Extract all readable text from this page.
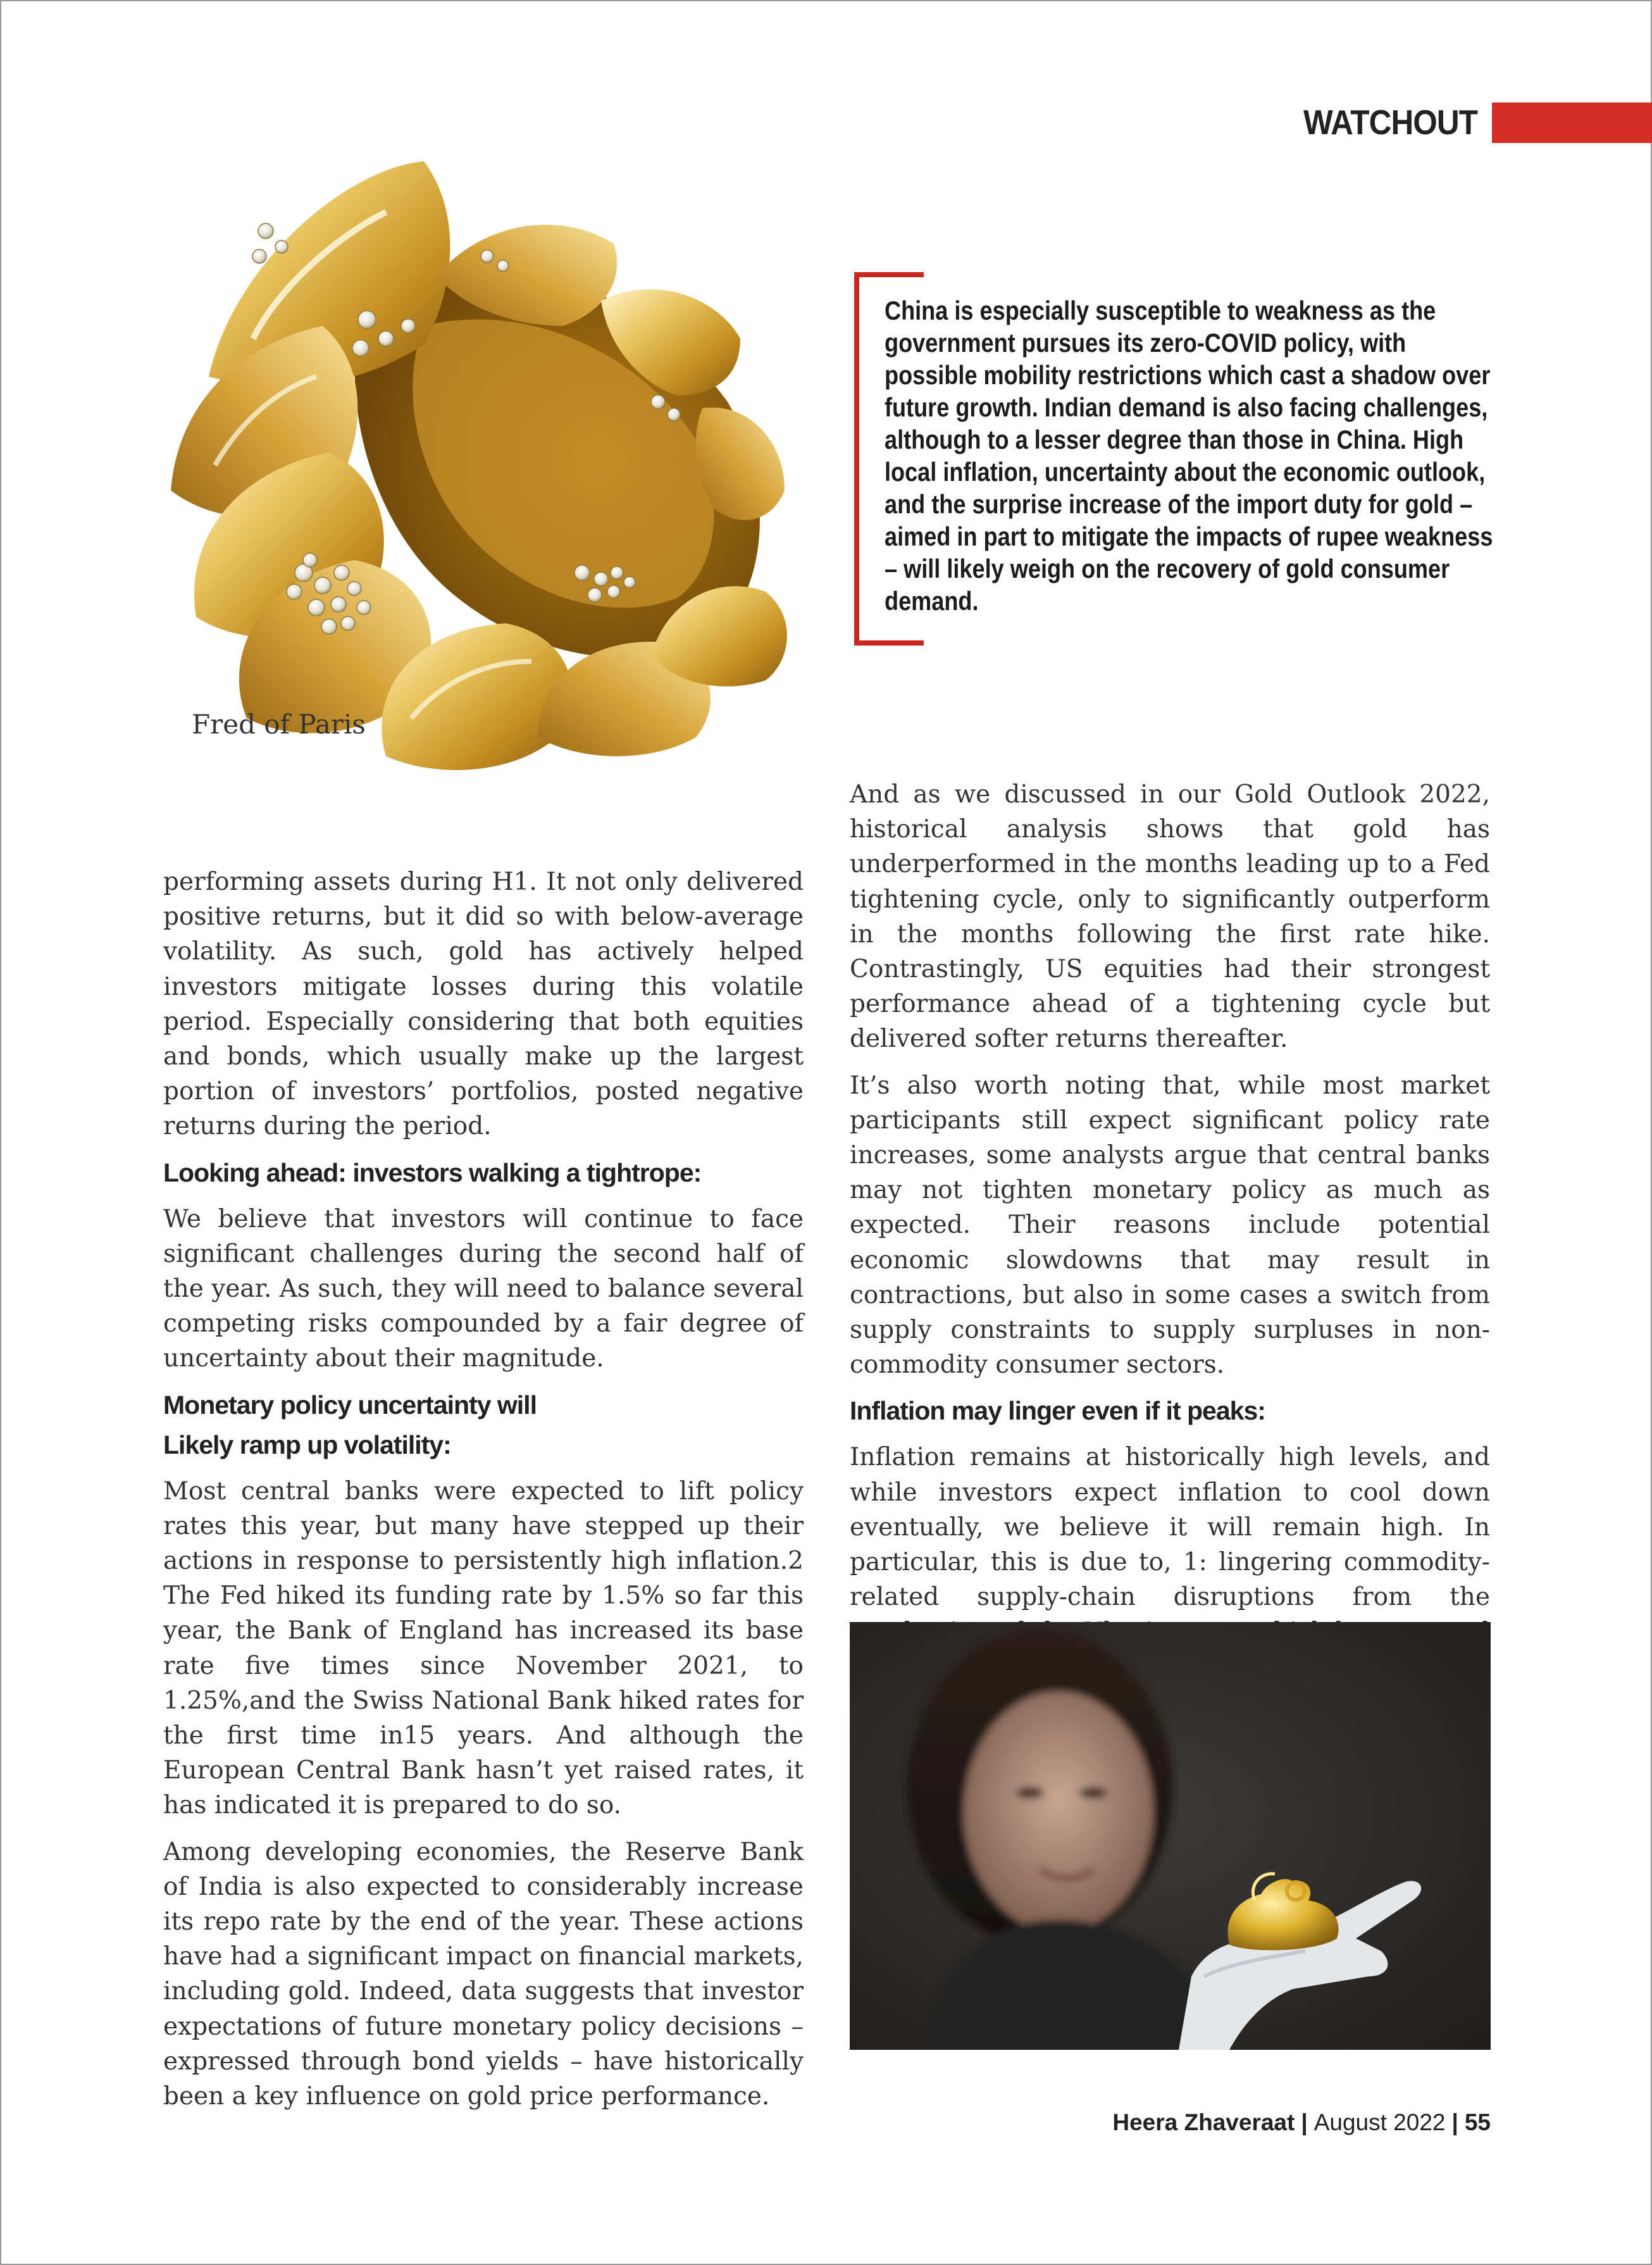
WATCHOUT
Fred of Paris
China is especially susceptible to weakness as the government pursues its zero-COVID policy, with possible mobility restrictions which cast a shadow over future growth. Indian demand is also facing challenges, although to a lesser degree than those in China. High local inflation, uncertainty about the economic outlook, and the surprise increase of the import duty for gold – aimed in part to mitigate the impacts of rupee weakness – will likely weigh on the recovery of gold consumer demand.

performing assets during H1. It not only delivered positive returns, but it did so with below-average volatility. As such, gold has actively helped investors mitigate losses during this volatile period. Especially considering that both equities and bonds, which usually make up the largest portion of investors’ portfolios, posted negative returns during the period.

Looking ahead: investors walking a tightrope:

We believe that investors will continue to face significant challenges during the second half of the year. As such, they will need to balance several competing risks compounded by a fair degree of uncertainty about their magnitude.

Monetary policy uncertainty will
Likely ramp up volatility:

Most central banks were expected to lift policy rates this year, but many have stepped up their actions in response to persistently high inflation.2 The Fed hiked its funding rate by 1.5% so far this year, the Bank of England has increased its base rate five times since November 2021, to 1.25%,and the Swiss National Bank hiked rates for the first time in15 years. And although the European Central Bank hasn’t yet raised rates, it has indicated it is prepared to do so.

Among developing economies, the Reserve Bank of India is also expected to considerably increase its repo rate by the end of the year. These actions have had a significant impact on financial markets, including gold. Indeed, data suggests that investor expectations of future monetary policy decisions –expressed through bond yields – have historically been a key influence on gold price performance.

And as we discussed in our Gold Outlook 2022, historical analysis shows that gold has underperformed in the months leading up to a Fed tightening cycle, only to significantly outperform in the months following the first rate hike. Contrastingly, US equities had their strongest performance ahead of a tightening cycle but delivered softer returns thereafter.

It’s also worth noting that, while most market participants still expect significant policy rate increases, some analysts argue that central banks may not tighten monetary policy as much as expected. Their reasons include potential economic slowdowns that may result in contractions, but also in some cases a switch from supply constraints to supply surpluses in non-commodity consumer sectors.

Inflation may linger even if it peaks:

Inflation remains at historically high levels, and while investors expect inflation to cool down eventually, we believe it will remain high. In particular, this is due to, 1: lingering commodity-related supply-chain disruptions from the

Heera Zhaveraat | August 2022 | 55
